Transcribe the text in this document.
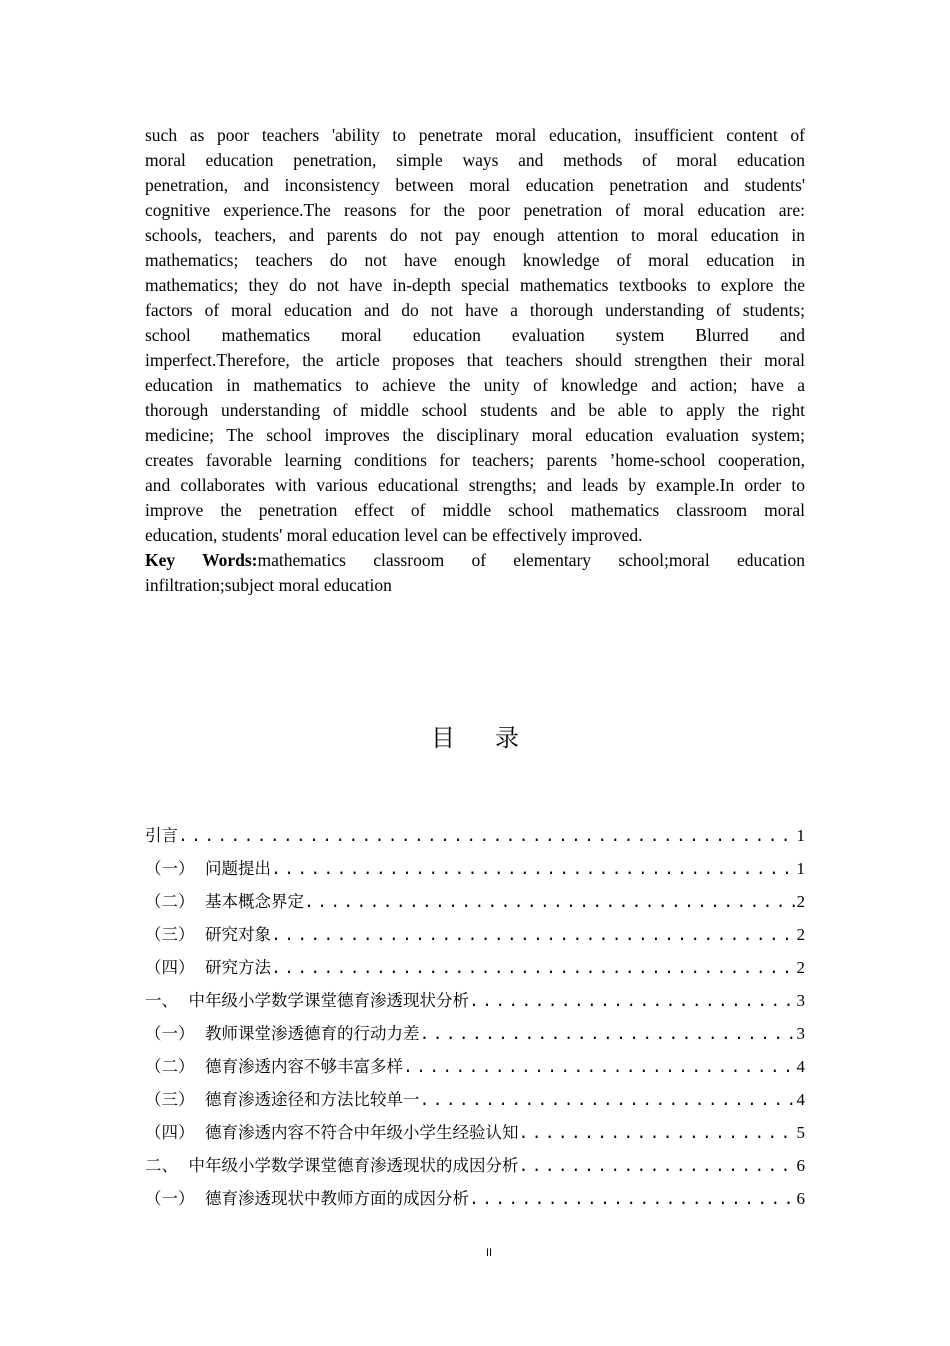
such as poor teachers 'ability to penetrate moral education, insufficient content of
moral education penetration, simple ways and methods of moral education
penetration, and inconsistency between moral education penetration and students'
cognitive experience.The reasons for the poor penetration of moral education are:
schools, teachers, and parents do not pay enough attention to moral education in
mathematics; teachers do not have enough knowledge of moral education in
mathematics; they do not have in-depth special mathematics textbooks to explore the
factors of moral education and do not have a thorough understanding of students;
school mathematics moral education evaluation system Blurred and
imperfect.Therefore, the article proposes that teachers should strengthen their moral
education in mathematics to achieve the unity of knowledge and action; have a
thorough understanding of middle school students and be able to apply the right
medicine; The school improves the disciplinary moral education evaluation system;
creates favorable learning conditions for teachers; parents ’home-school cooperation,
and collaborates with various educational strengths; and leads by example.In order to
improve the penetration effect of middle school mathematics classroom moral
education, students' moral education level can be effectively improved.
Key Words:mathematics classroom of elementary school;moral education
infiltration;subject moral education
目录
引言 .....	1
（一）  问题提出 .....	1
（二）  基本概念界定 .....	2
（三）  研究对象 .....	2
（四）  研究方法 .....	2
一、  中年级小学数学课堂德育渗透现状分析 .....	3
（一）  教师课堂渗透德育的行动力差 .....	3
（二）  德育渗透内容不够丰富多样 .....	4
（三）  德育渗透途径和方法比较单一 .....	4
（四）  德育渗透内容不符合中年级小学生经验认知 .....	5
二、  中年级小学数学课堂德育渗透现状的成因分析 .....	6
（一）  德育渗透现状中教师方面的成因分析 .....	6
II
